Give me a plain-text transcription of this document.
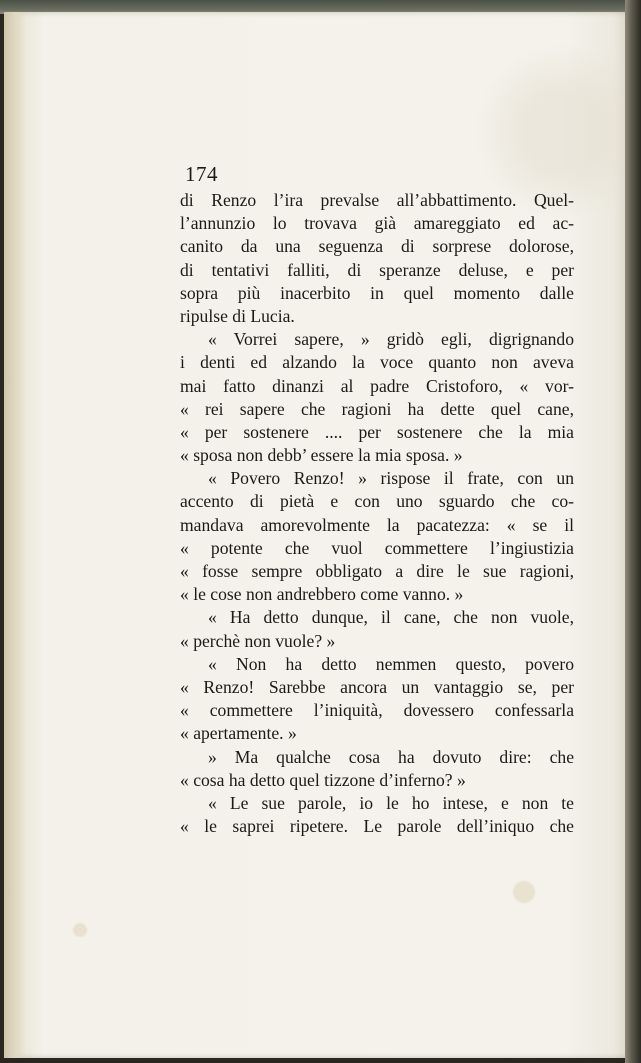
174
di Renzo l’ira prevalse all’abbattimento. Quel-
l’annunzio lo trovava già amareggiato ed ac-
canito da una seguenza di sorprese dolorose,
di tentativi falliti, di speranze deluse, e per
sopra più inacerbito in quel momento dalle
ripulse di Lucia.
« Vorrei sapere, » gridò egli, digrignando
i denti ed alzando la voce quanto non aveva
mai fatto dinanzi al padre Cristoforo, « vor-
« rei sapere che ragioni ha dette quel cane,
« per sostenere .... per sostenere che la mia
« sposa non debb’ essere la mia sposa. »
« Povero Renzo! » rispose il frate, con un
accento di pietà e con uno sguardo che co-
mandava amorevolmente la pacatezza: « se il
« potente che vuol commettere l’ingiustizia
« fosse sempre obbligato a dire le sue ragioni,
« le cose non andrebbero come vanno. »
« Ha detto dunque, il cane, che non vuole,
« perchè non vuole? »
« Non ha detto nemmen questo, povero
« Renzo! Sarebbe ancora un vantaggio se, per
« commettere l’iniquità, dovessero confessarla
« apertamente. »
» Ma qualche cosa ha dovuto dire: che
« cosa ha detto quel tizzone d’inferno? »
« Le sue parole, io le ho intese, e non te
« le saprei ripetere. Le parole dell’iniquo che
